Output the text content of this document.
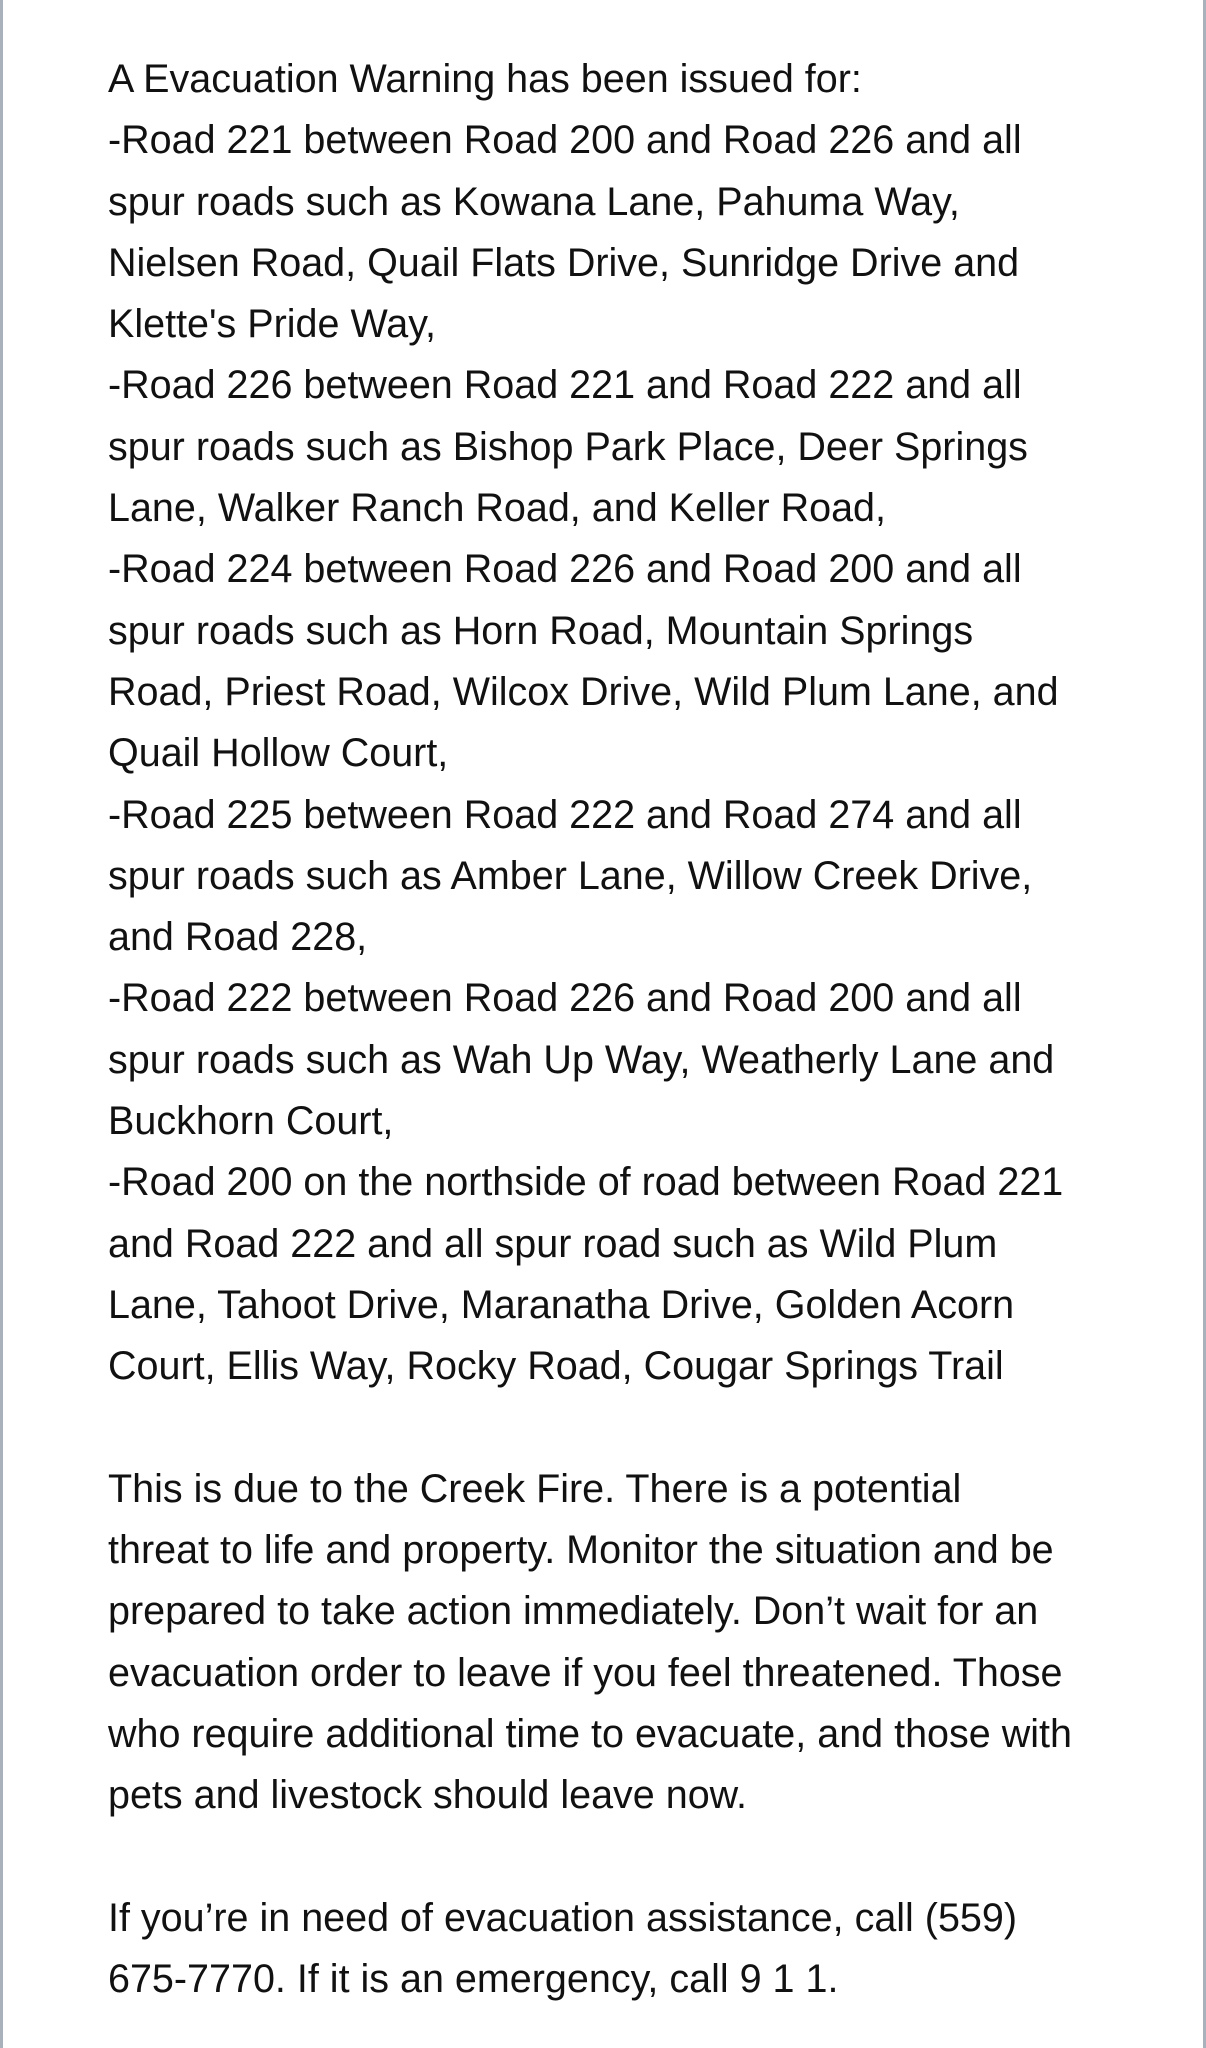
A Evacuation Warning has been issued for:
-Road 221 between Road 200 and Road 226 and all
spur roads such as Kowana Lane, Pahuma Way,
Nielsen Road, Quail Flats Drive, Sunridge Drive and
Klette's Pride Way,
-Road 226 between Road 221 and Road 222 and all
spur roads such as Bishop Park Place, Deer Springs
Lane, Walker Ranch Road, and Keller Road,
-Road 224 between Road 226 and Road 200 and all
spur roads such as Horn Road, Mountain Springs
Road, Priest Road, Wilcox Drive, Wild Plum Lane, and
Quail Hollow Court,
-Road 225 between Road 222 and Road 274 and all
spur roads such as Amber Lane, Willow Creek Drive,
and Road 228,
-Road 222 between Road 226 and Road 200 and all
spur roads such as Wah Up Way, Weatherly Lane and
Buckhorn Court,
-Road 200 on the northside of road between Road 221
and Road 222 and all spur road such as Wild Plum
Lane, Tahoot Drive, Maranatha Drive, Golden Acorn
Court, Ellis Way, Rocky Road, Cougar Springs Trail
This is due to the Creek Fire. There is a potential
threat to life and property. Monitor the situation and be
prepared to take action immediately. Don’t wait for an
evacuation order to leave if you feel threatened. Those
who require additional time to evacuate, and those with
pets and livestock should leave now.
If you’re in need of evacuation assistance, call (559)
675-7770. If it is an emergency, call 9 1 1.
